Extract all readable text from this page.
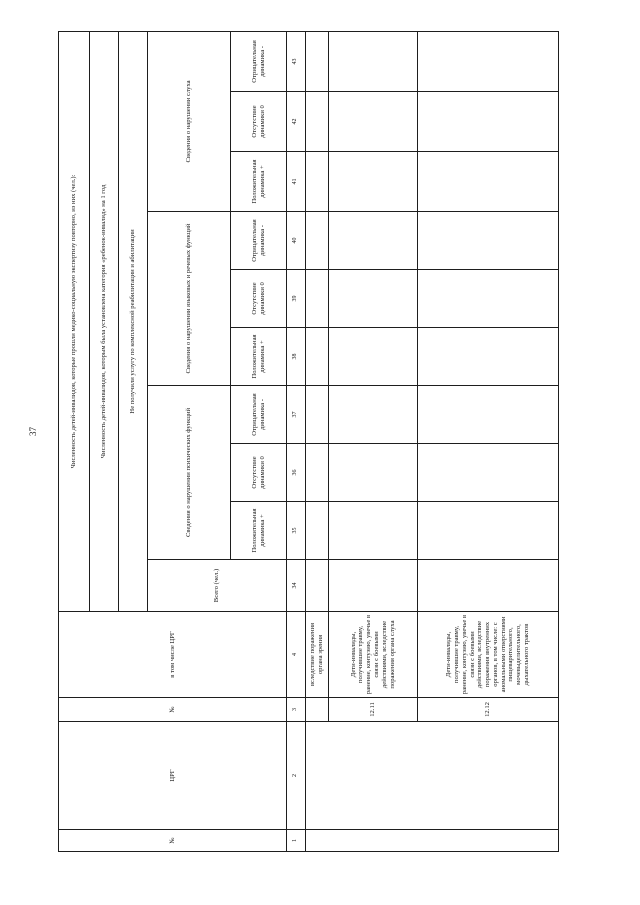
37
№	ЦРГ	№	в том числе ЦРГ	Численность детей-инвалидов, которые прошли медико-социальную экспертизу повторно, из них (чел.):									
				Численность детей-инвалидов, которым была установлена категория «ребенок-инвалид» на 1 год									
				Не получили услугу по комплексной реабилитации и абилитации									
				Всего (чел.)	Сведения о нарушении психических функций			Сведения о нарушении языковых и речевых функций			Сведения о нарушении слуха		
					Положительная динамика +	Отсутствие динамики 0	Отрицательная динамика -	Положительная динамика +	Отсутствие динамики 0	Отрицательная динамика -	Положительная динамика +	Отсутствие динамики 0	Отрицательная динамика -
1	2	3	4	34	35	36	37	38	39	40	41	42	43
			вследствие поражения органа зрения										
		12.11	Дети-инвалиды, получившие травму, ранение, контузию, увечье в связи с боевыми действиями, вследствие поражения органа слуха										
		12.12	Дети-инвалиды, получившие травму, ранение, контузию, увечье в связи с боевыми действиями, вследствие поражения внутренних органов, в том числе: с аномальными отверстиями пищеварительного, мочевыделительного, дыхательного трактов										
